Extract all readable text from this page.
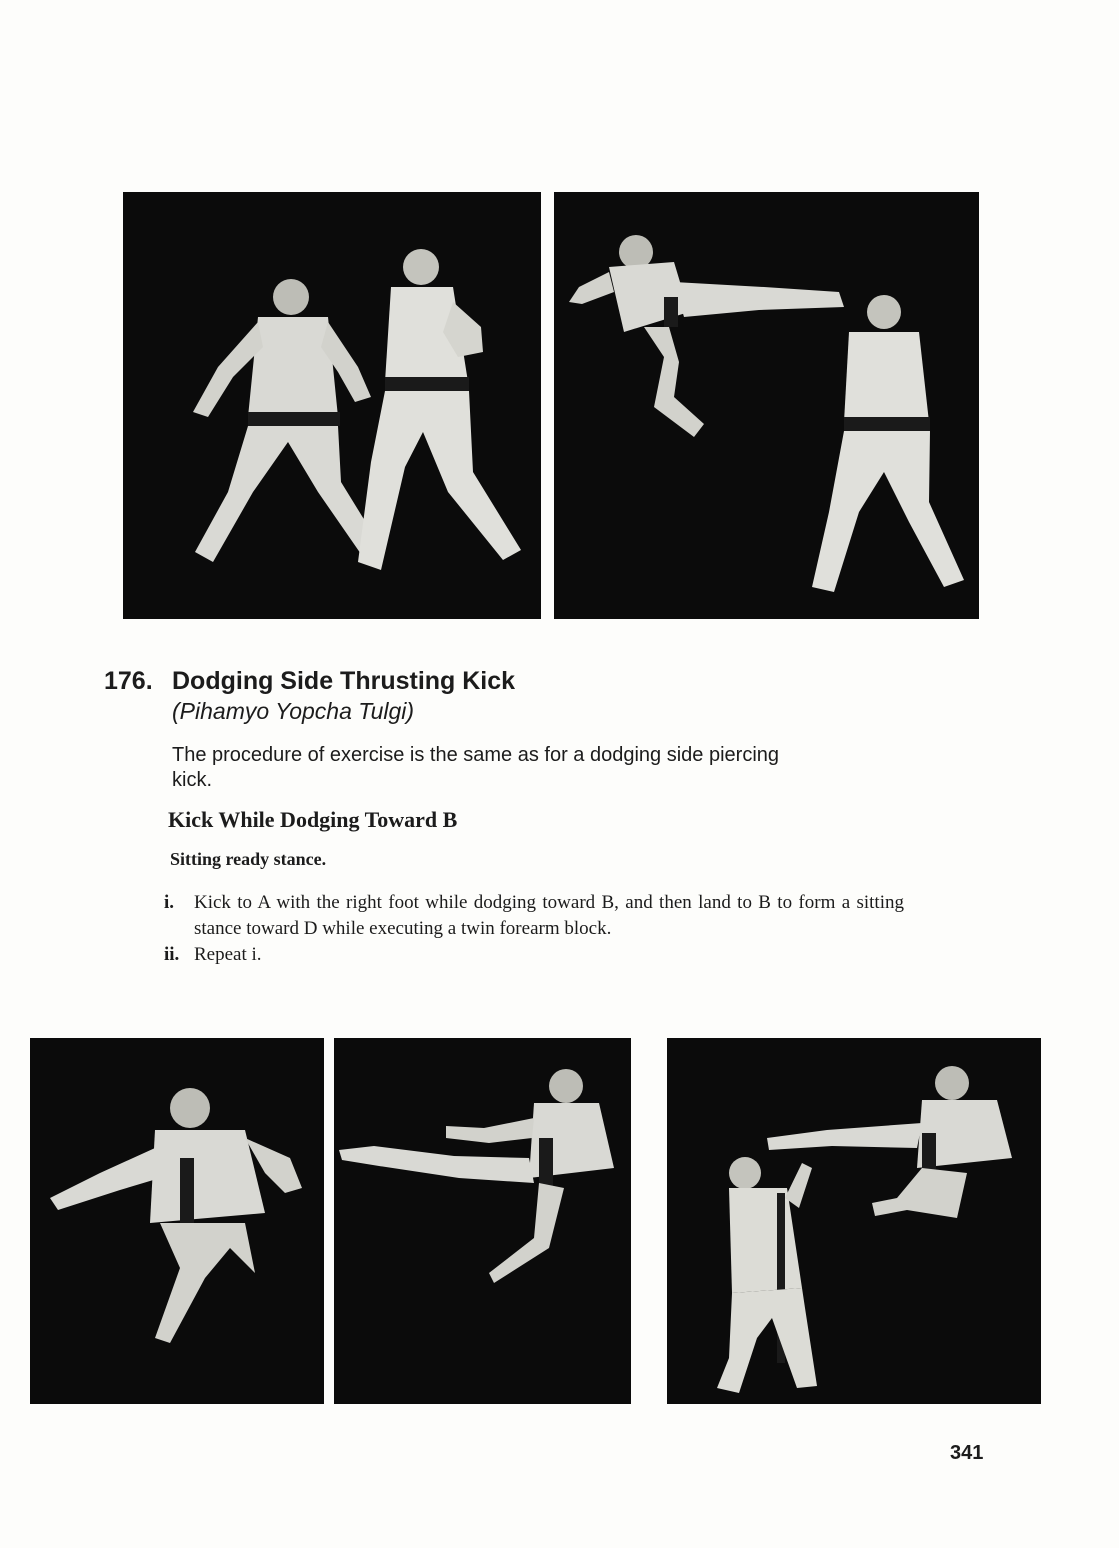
176. Dodging Side Thrusting Kick
(Pihamyo Yopcha Tulgi)
The procedure of exercise is the same as for a dodging side piercing kick.
Kick While Dodging Toward B
Sitting ready stance.
i.	Kick to A with the right foot while dodging toward B, and then land to B to form a sitting stance toward D while executing a twin forearm block.
ii. Repeat i.
341
